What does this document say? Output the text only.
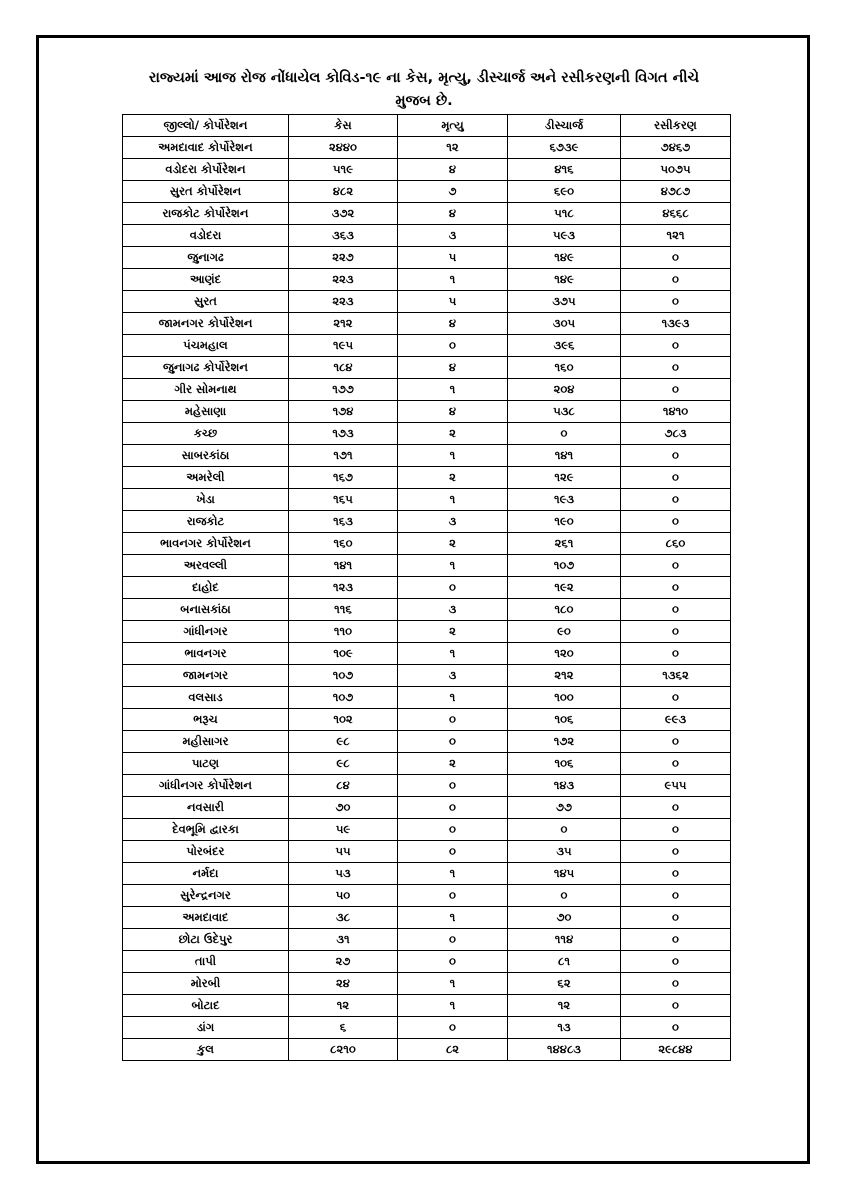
રાજ્યમાં આજ રોજ નોંધાયેલ કોવિડ-૧૯ ના કેસ, મૃત્યુ, ડીસ્ચાર્જ અને રસીકરણની વિગત નીચે
મુજબ છે.
જીલ્લો/ કોર્પોરેશન	કેસ	મૃત્યુ	ડીસ્ચાર્જ	રસીકરણ
અમદાવાદ કોર્પોરેશન	૨૪૪૦	૧૨	૬૭૩૯	૭૪૬૭
વડોદરા કોર્પોરેશન	૫૧૯	૪	૪૧૬	૫૦૭૫
સુરત કોર્પોરેશન	૪૮૨	૭	૬૯૦	૪૭૮૭
રાજકોટ કોર્પોરેશન	૩૭૨	૪	૫૧૮	૪૬૬૮
વડોદરા	૩૬૩	૩	૫૯૩	૧૨૧
જુનાગઢ	૨૨૭	૫	૧૪૯	૦
આણંદ	૨૨૩	૧	૧૪૯	૦
સુરત	૨૨૩	૫	૩૭૫	૦
જામનગર કોર્પોરેશન	૨૧૨	૪	૩૦૫	૧૩૯૩
પંચમહાલ	૧૯૫	૦	૩૯૬	૦
જુનાગઢ કોર્પોરેશન	૧૮૪	૪	૧૬૦	૦
ગીર સોમનાથ	૧૭૭	૧	૨૦૪	૦
મહેસાણા	૧૭૪	૪	૫૩૮	૧૪૧૦
કચ્છ	૧૭૩	૨	૦	૭૮૩
સાબરકાંઠા	૧૭૧	૧	૧૪૧	૦
અમરેલી	૧૬૭	૨	૧૨૯	૦
ખેડા	૧૬૫	૧	૧૯૩	૦
રાજકોટ	૧૬૩	૩	૧૯૦	૦
ભાવનગર કોર્પોરેશન	૧૬૦	૨	૨૬૧	૮૬૦
અરવલ્લી	૧૪૧	૧	૧૦૭	૦
દાહોદ	૧૨૩	૦	૧૯૨	૦
બનાસકાંઠા	૧૧૬	૩	૧૮૦	૦
ગાંધીનગર	૧૧૦	૨	૯૦	૦
ભાવનગર	૧૦૯	૧	૧૨૦	૦
જામનગર	૧૦૭	૩	૨૧૨	૧૩૬૨
વલસાડ	૧૦૭	૧	૧૦૦	૦
ભરૂચ	૧૦૨	૦	૧૦૬	૯૯૩
મહીસાગર	૯૮	૦	૧૭૨	૦
પાટણ	૯૮	૨	૧૦૬	૦
ગાંધીનગર કોર્પોરેશન	૮૪	૦	૧૪૩	૯૫૫
નવસારી	૭૦	૦	૭૭	૦
દેવભૂમિ દ્વારકા	૫૯	૦	૦	૦
પોરબંદર	૫૫	૦	૩૫	૦
નર્મદા	૫૩	૧	૧૪૫	૦
સુરેન્દ્રનગર	૫૦	૦	૦	૦
અમદાવાદ	૩૮	૧	૭૦	૦
છોટા ઉદેપુર	૩૧	૦	૧૧૪	૦
તાપી	૨૭	૦	૮૧	૦
મોરબી	૨૪	૧	૬૨	૦
બોટાદ	૧૨	૧	૧૨	૦
ડાંગ	૬	૦	૧૩	૦
કુલ	૮૨૧૦	૮૨	૧૪૪૮૩	૨૯૮૪૪
